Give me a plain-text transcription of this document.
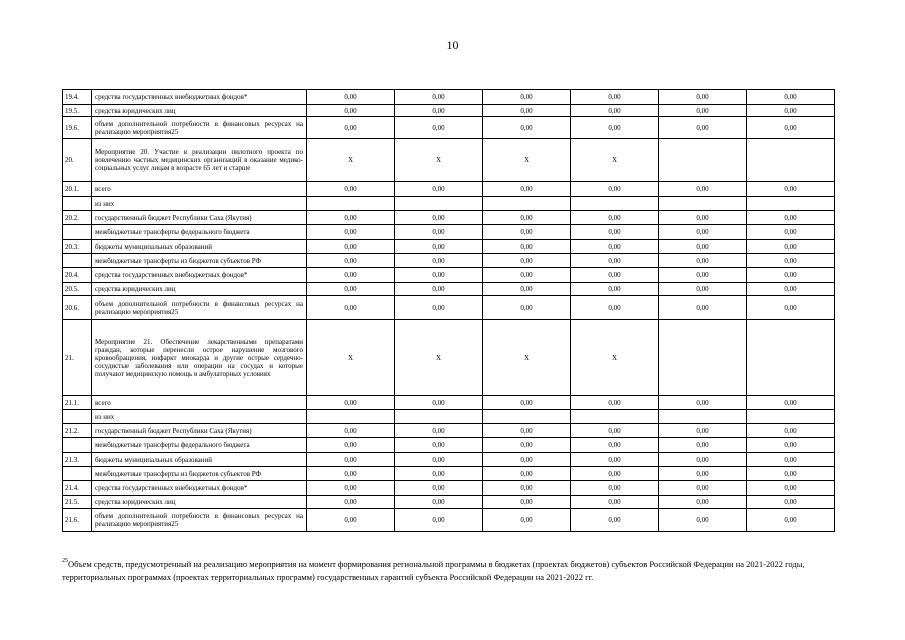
10
19.4.	средства государственных внебюджетных фондов*	0,00	0,00	0,00	0,00	0,00	0,00
19.5.	средства юридических лиц	0,00	0,00	0,00	0,00	0,00	0,00
19.6.	объем дополнительной потребности в финансовых ресурсах на реализацию мероприятия25	0,00	0,00	0,00	0,00	0,00	0,00
20.	Мероприятие 20. Участие в реализации пилотного проекта по вовлечению частных медицинских организаций в оказание медико-социальных услуг лицам в возрасте 65 лет и старше	X	X	X	X		
20.1.	всего	0,00	0,00	0,00	0,00	0,00	0,00
	из них						
20.2.	государственный бюджет Республики Саха (Якутия)	0,00	0,00	0,00	0,00	0,00	0,00
	межбюджетные трансферты федерального бюджета	0,00	0,00	0,00	0,00	0,00	0,00
20.3.	бюджеты муниципальных образований	0,00	0,00	0,00	0,00	0,00	0,00
	межбюджетные трансферты из бюджетов субъектов РФ	0,00	0,00	0,00	0,00	0,00	0,00
20.4.	средства государственных внебюджетных фондов*	0,00	0,00	0,00	0,00	0,00	0,00
20.5.	средства юридических лиц	0,00	0,00	0,00	0,00	0,00	0,00
20.6.	объем дополнительной потребности в финансовых ресурсах на реализацию мероприятия25	0,00	0,00	0,00	0,00	0,00	0,00
21.	Мероприятие 21. Обеспечение лекарственными препаратами граждан, которые перенесли острое нарушение мозгового кровообращения, инфаркт миокарда и другие острые сердечно-сосудистые заболевания или операции на сосудах и которые получают медицинскую помощь в амбулаторных условиях	X	X	X	X		
21.1.	всего	0,00	0,00	0,00	0,00	0,00	0,00
	из них						
21.2.	государственный бюджет Республики Саха (Якутия)	0,00	0,00	0,00	0,00	0,00	0,00
	межбюджетные трансферты федерального бюджета	0,00	0,00	0,00	0,00	0,00	0,00
21.3.	бюджеты муниципальных образований	0,00	0,00	0,00	0,00	0,00	0,00
	межбюджетные трансферты из бюджетов субъектов РФ	0,00	0,00	0,00	0,00	0,00	0,00
21.4.	средства государственных внебюджетных фондов*	0,00	0,00	0,00	0,00	0,00	0,00
21.5.	средства юридических лиц	0,00	0,00	0,00	0,00	0,00	0,00
21.6.	объем дополнительной потребности в финансовых ресурсах на реализацию мероприятия25	0,00	0,00	0,00	0,00	0,00	0,00
$^{25}$Объем средств, предусмотренный на реализацию мероприятия на момент формирования региональной программы в бюджетах (проектах бюджетов) субъектов Российской Федерации на 2021-2022 годы, территориальных программах (проектах территориальных программ) государственных гарантий субъекта Российской Федерации на 2021-2022 гг.
